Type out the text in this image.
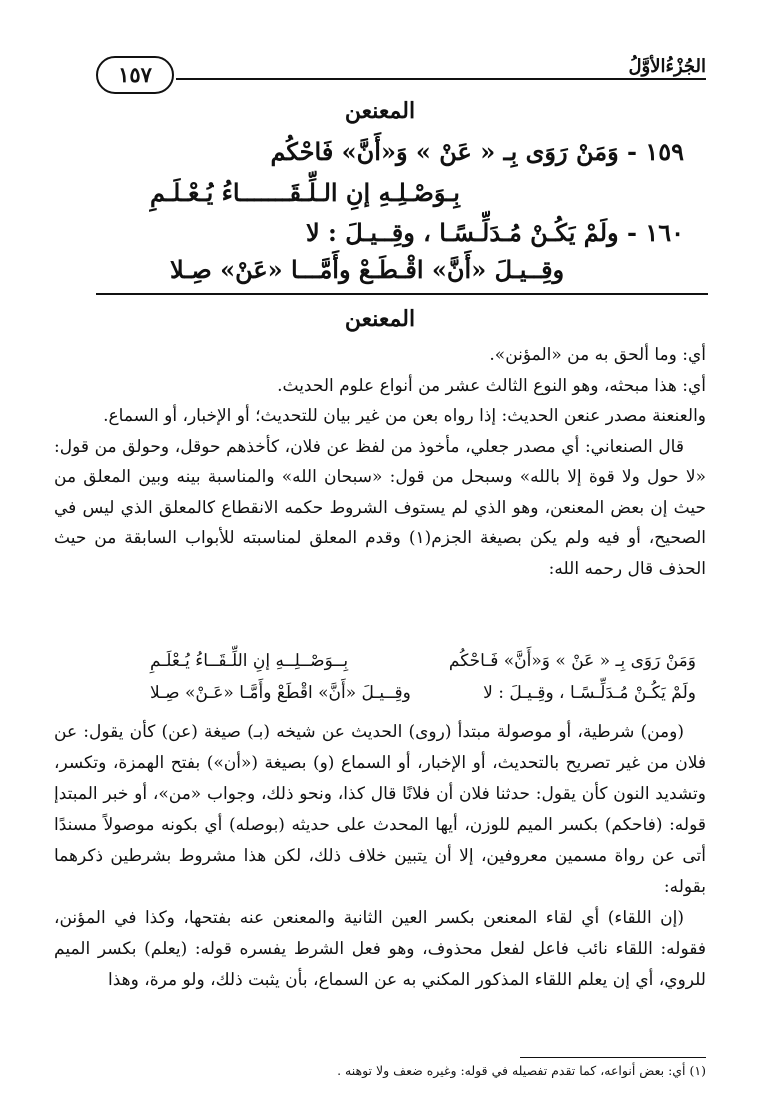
الجُزْءُالأوَّلُ
١٥٧
المعنعن
١٥٩ - وَمَنْ رَوَى بِـ « عَنْ » وَ«أَنَّ» فَاحْكُم
بِـوَصْـلِـهِ إنِ الـلِّـقَـــــــاءُ يُـعْـلَـمِ
١٦٠ - ولَمْ يَكُـنْ مُـدَلِّـسًـا ، وقِــيـلَ : لا
وقِــيـلَ «أَنَّ» اقْـطَـعْ وأَمَّـــا «عَنْ» صِـلا
المعنعن

أي: وما ألحق به من «المؤنن».

أي: هذا مبحثه، وهو النوع الثالث عشر من أنواع علوم الحديث.

والعنعنة مصدر عنعن الحديث: إذا رواه بعن من غير بيان للتحديث؛ أو الإخبار، أو السماع.

قال الصنعاني: أي مصدر جعلي، مأخوذ من لفظ عن فلان، كأخذهم حوقل، وحولق من قول: «لا حول ولا قوة إلا بالله» وسبحل من قول: «سبحان الله» والمناسبة بينه وبين المعلق من حيث إن بعض المعنعن، وهو الذي لم يستوف الشروط حكمه الانقطاع كالمعلق الذي ليس في الصحيح، أو فيه ولم يكن بصيغة الجزم(١) وقدم المعلق لمناسبته للأبواب السابقة من حيث الحذف قال رحمه الله:

وَمَنْ رَوَى بِـ « عَنْ » وَ«أَنَّ» فَـاحْكُم
بِــوَصْــلِــهِ إنِ اللِّـقَــاءُ يُـعْلَـمِ
ولَمْ يَكُـنْ مُـدَلِّـسًـا ، وقِـيـلَ : لا
وقِــيـلَ «أَنَّ» اقْطَعْ وأَمَّـا «عَـنْ» صِـلا

(ومن) شرطية، أو موصولة مبتدأ (روى) الحديث عن شيخه (بـ) صيغة (عن) كأن يقول: عن فلان من غير تصريح بالتحديث، أو الإخبار، أو السماع (و) بصيغة («أن») بفتح الهمزة، وتكسر، وتشديد النون كأن يقول: حدثنا فلان أن فلانًا قال كذا، ونحو ذلك، وجواب «من»، أو خبر المبتدإ قوله: (فاحكم) بكسر الميم للوزن، أيها المحدث على حديثه (بوصله) أي بكونه موصولاً مسندًا أتى عن رواة مسمين معروفين، إلا أن يتبين خلاف ذلك، لكن هذا مشروط بشرطين ذكرهما بقوله:

(إن اللقاء) أي لقاء المعنعن بكسر العين الثانية والمعنعن عنه بفتحها، وكذا في المؤنن، فقوله: اللقاء نائب فاعل لفعل محذوف، وهو فعل الشرط يفسره قوله: (يعلم) بكسر الميم للروي، أي إن يعلم اللقاء المذكور المكني به عن السماع، بأن يثبت ذلك، ولو مرة، وهذا

(١) أي: بعض أنواعه، كما تقدم تفصيله في قوله: وغيره ضعف ولا توهنه .
